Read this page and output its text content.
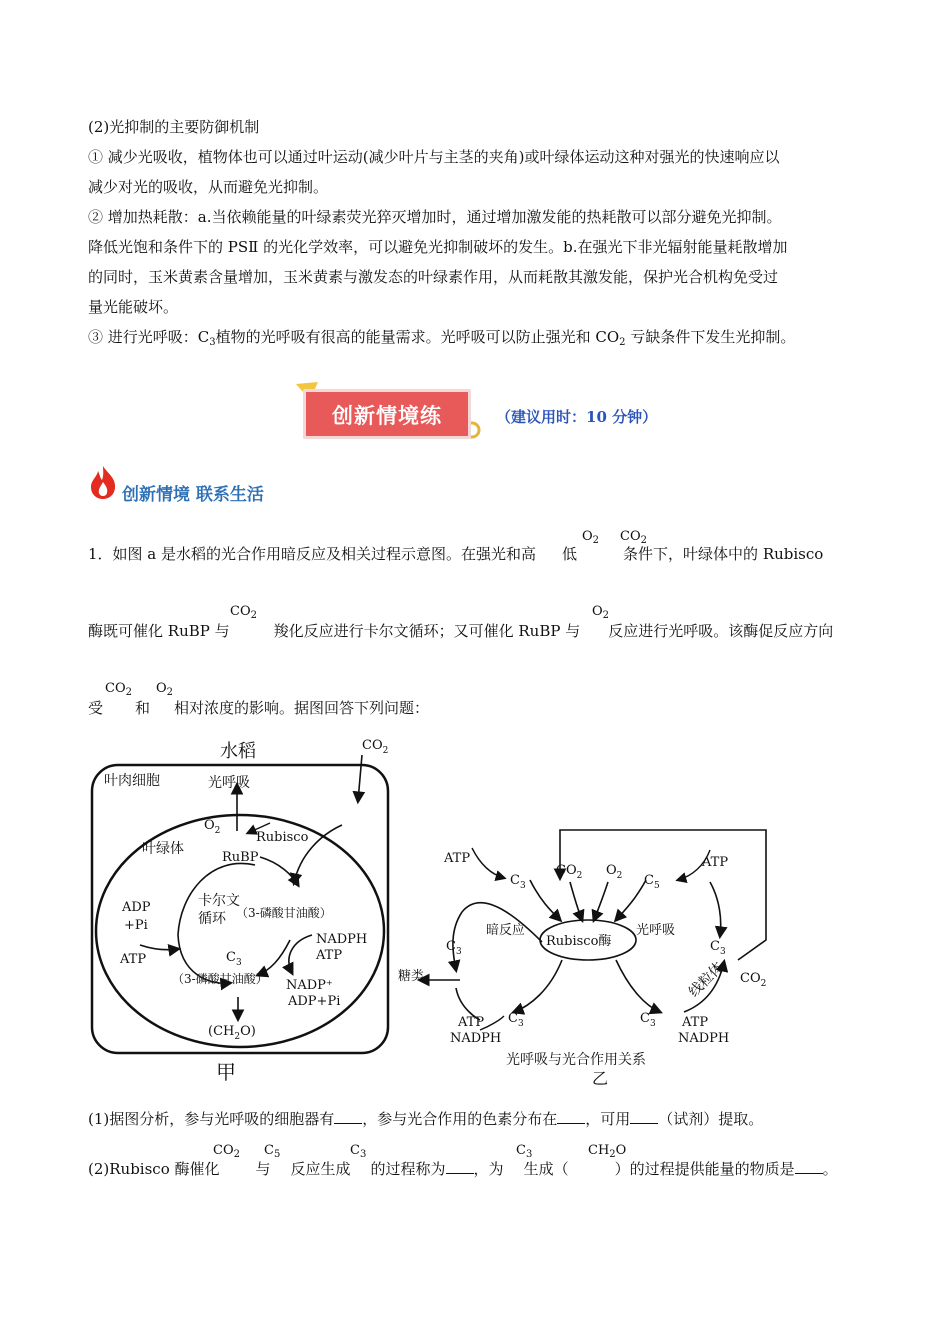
(2)光抑制的主要防御机制
① 减少光吸收，植物体也可以通过叶运动(减少叶片与主茎的夹角)或叶绿体运动这种对强光的快速响应以
减少对光的吸收，从而避免光抑制。
② 增加热耗散：a.当依赖能量的叶绿素荧光猝灭增加时，通过增加激发能的热耗散可以部分避免光抑制。
降低光饱和条件下的 PSⅡ 的光化学效率，可以避免光抑制破坏的发生。b.在强光下非光辐射能量耗散增加
的同时，玉米黄素含量增加，玉米黄素与激发态的叶绿素作用，从而耗散其激发能，保护光合机构免受过
量光能破坏。
③ 进行光呼吸：$C_3$植物的光呼吸有很高的能量需求。光呼吸可以防止强光和 $CO_2$ 亏缺条件下发生光抑制。
创新情境练	（建议用时：10 分钟）
创新情境 联系生活
1．如图 a 是水稻的光合作用暗反应及相关过程示意图。在强光和高 低	条件下，叶绿体中的 Rubisco
$O_2$ $CO_2$
酶既可催化 RuBP 与	羧化反应进行卡尔文循环；又可催化 RuBP 与 反应进行光呼吸。该酶促反应方向
$CO_2$	$O_2$
受 和 相对浓度的影响。据图回答下列问题：
$CO_2$ $O_2$
水稻
叶肉细胞	光呼吸
$CO_2$
$O_2$	Rubisco
叶绿体
RuBP
卡尔文
循环 （3-磷酸甘油酸）
ADP
+Pi
ATP	$C_3$
NADPH
ATP
（3-磷酸甘油酸） NADP⁺
ADP+Pi
$(CH_2O)$
甲
ATP
$C_3$
$CO_2$ $O_2$ $C_5$
ATP
$C_3$
暗反应
Rubisco酶
光呼吸
$C_3$
糖类	线粒体 $CO_2$
$C_3$
ATP
NADPH
$C_3$ ATP
NADPH
光呼吸与光合作用关系
乙
(1)据图分析，参与光呼吸的细胞器有 ，参与光合作用的色素分布在 ，可用 （试剂）提取。
(2)Rubisco 酶催化 与 反应生成 的过程称为 ，为 生成（	）的过程提供能量的物质是 。
$CO_2$ $C_5$	$C_3$	$C_3$	$CH_2O$
